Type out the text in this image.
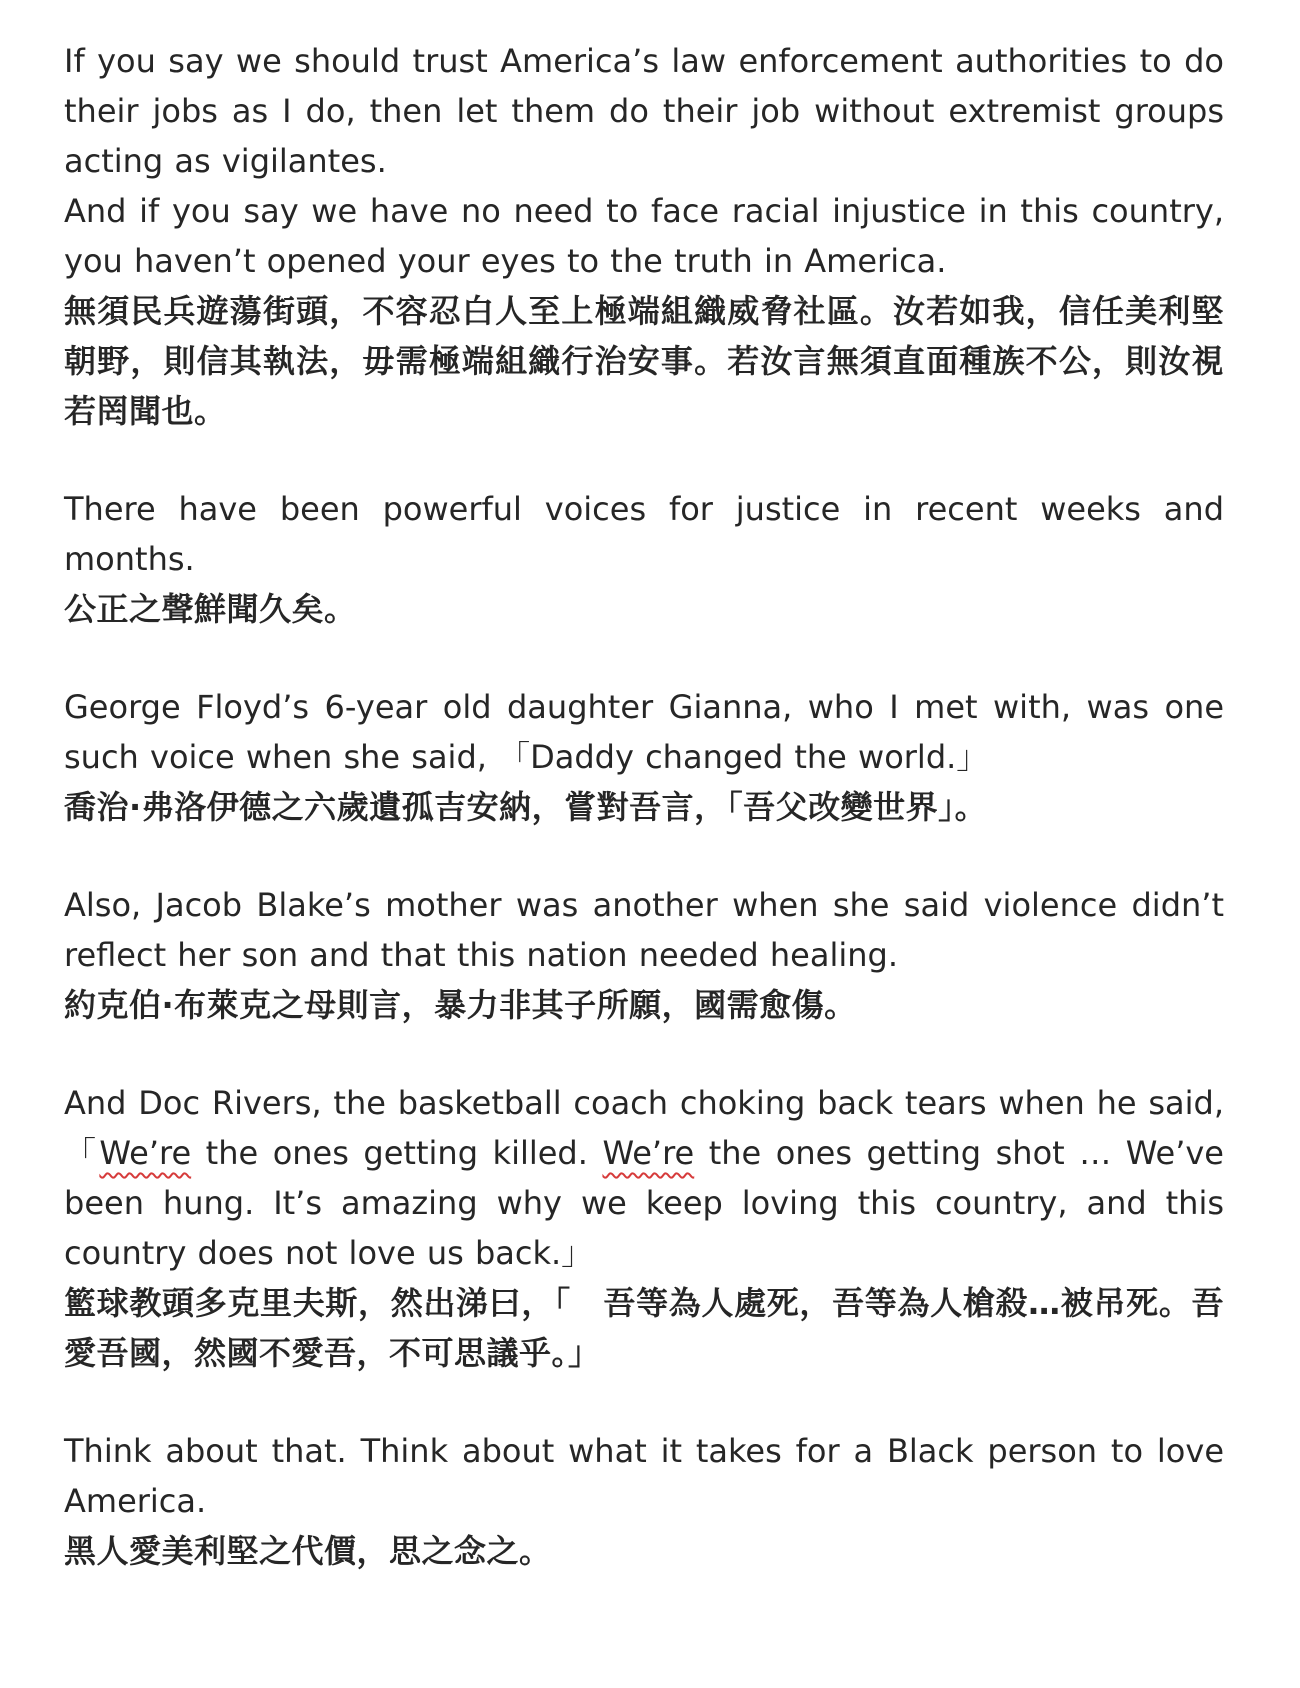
If you say we should trust America’s law enforcement authorities to do their jobs as I do, then let them do their job without extremist groups acting as vigilantes.

And if you say we have no need to face racial injustice in this country, you haven’t opened your eyes to the truth in America.

無須民兵遊蕩街頭，不容忍白人至上極端組織威脅社區。汝若如我，信任美利堅朝野，則信其執法，毋需極端組織行治安事。若汝言無須直面種族不公，則汝視若罔聞也。

There have been powerful voices for justice in recent weeks and months.

公正之聲鮮聞久矣。

George Floyd’s 6-year old daughter Gianna, who I met with, was one such voice when she said, 「Daddy changed the world.」

喬治·弗洛伊德之六歲遺孤吉安納，嘗對吾言，「吾父改變世界」。

Also, Jacob Blake’s mother was another when she said violence didn’t reflect her son and that this nation needed healing.

約克伯·布萊克之母則言，暴力非其子所願，國需愈傷。

And Doc Rivers, the basketball coach choking back tears when he said, 「We’re the ones getting killed. We’re the ones getting shot … We’ve been hung. It’s amazing why we keep loving this country, and this country does not love us back.」

籃球教頭多克里夫斯，然出涕曰，「　吾等為人處死，吾等為人槍殺…被吊死。吾愛吾國，然國不愛吾，不可思議乎。」

Think about that. Think about what it takes for a Black person to love America.

黑人愛美利堅之代價，思之念之。
